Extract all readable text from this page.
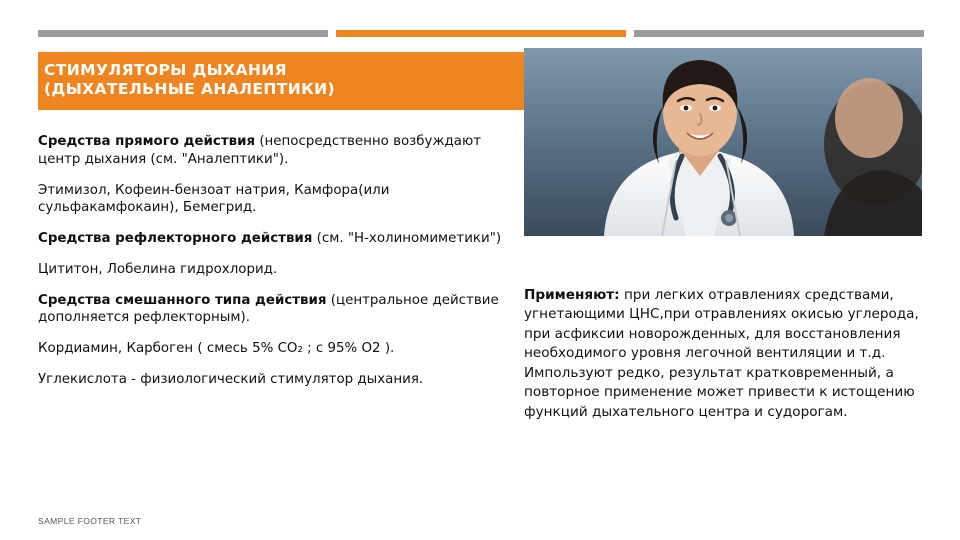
СТИМУЛЯТОРЫ ДЫХАНИЯ
(ДЫХАТЕЛЬНЫЕ АНАЛЕПТИКИ)

Средства прямого действия (непосредственно возбуждают центр дыхания (см. "Аналептики").

Этимизол, Кофеин-бензоат натрия, Камфора(или сульфакамфокаин), Бемегрид.

Средства рефлекторного действия (см. "Н-холиномиметики")

Цититон, Лобелина гидрохлорид.

Средства смешанного типа действия (центральное действие дополняется рефлекторным).

Кордиамин, Карбоген ( смесь 5% CO₂ ; с 95% O2 ).

Углекислота - физиологический стимулятор дыхания.

Применяют: при легких отравлениях средствами, угнетающими ЦНС,при отравлениях окисью углерода, при асфиксии новорожденных, для восстановления необходимого уровня легочной вентиляции и т.д. Импользуют редко, результат кратковременный, а повторное применение может привести к истощению функций дыхательного центра и судорогам.

SAMPLE FOOTER TEXT
